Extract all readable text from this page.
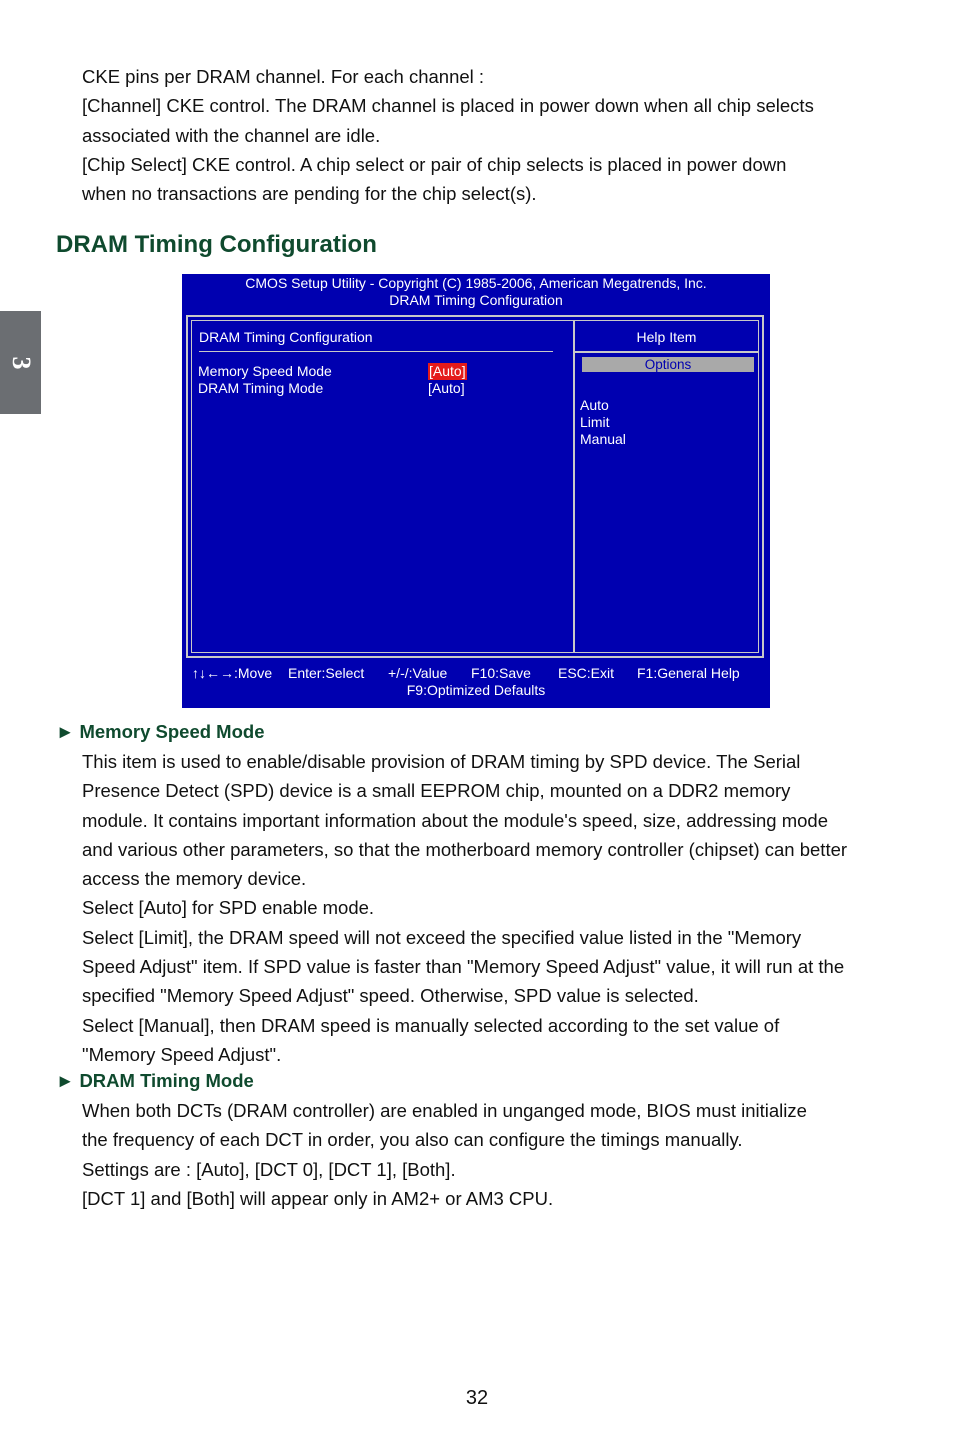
3
CKE pins per DRAM channel. For each channel :
[Channel] CKE control. The DRAM channel is placed in power down when all chip selects
associated with the channel are idle.
[Chip Select] CKE control. A chip select or pair of chip selects is placed in power down
when no transactions are pending for the chip select(s).
DRAM Timing Configuration
CMOS Setup Utility - Copyright (C) 1985-2006, American Megatrends, Inc.
DRAM Timing Configuration
DRAM Timing Configuration	Help Item
Memory Speed Mode	[Auto]
DRAM Timing Mode	[Auto]
Options
Auto
Limit
Manual
↑↓←→:Move Enter:Select +/-/:Value F10:Save ESC:Exit F1:General Help
F9:Optimized Defaults
► Memory Speed Mode
This item is used to enable/disable provision of DRAM timing by SPD device. The Serial
Presence Detect (SPD) device is a small EEPROM chip, mounted on a DDR2 memory
module. It contains important information about the module's speed, size, addressing mode
and various other parameters, so that the motherboard memory controller (chipset) can better
access the memory device.
Select [Auto] for SPD enable mode.
Select [Limit], the DRAM speed will not exceed the specified value listed in the "Memory
Speed Adjust" item. If SPD value is faster than "Memory Speed Adjust" value, it will run at the
specified "Memory Speed Adjust" speed. Otherwise, SPD value is selected.
Select [Manual], then DRAM speed is manually selected according to the set value of
"Memory Speed Adjust".
► DRAM Timing Mode
When both DCTs (DRAM controller) are enabled in unganged mode, BIOS must initialize
the frequency of each DCT in order, you also can configure the timings manually.
Settings are : [Auto], [DCT 0], [DCT 1], [Both].
[DCT 1] and [Both] will appear only in AM2+ or AM3 CPU.
32
